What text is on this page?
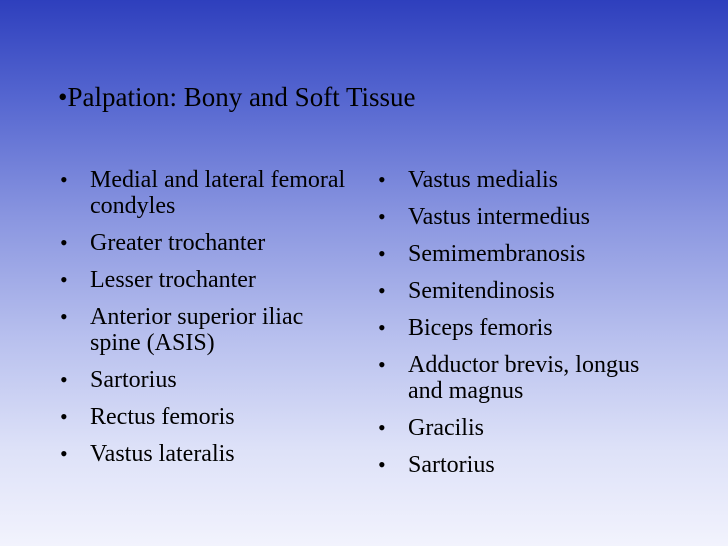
•Palpation: Bony and Soft Tissue
• Medial and lateral femoral condyles
• Greater trochanter
• Lesser trochanter
• Anterior superior iliac spine (ASIS)
• Sartorius
• Rectus femoris
• Vastus lateralis
• Vastus medialis
• Vastus intermedius
• Semimembranosis
• Semitendinosis
• Biceps femoris
• Adductor brevis, longus and magnus
• Gracilis
• Sartorius
